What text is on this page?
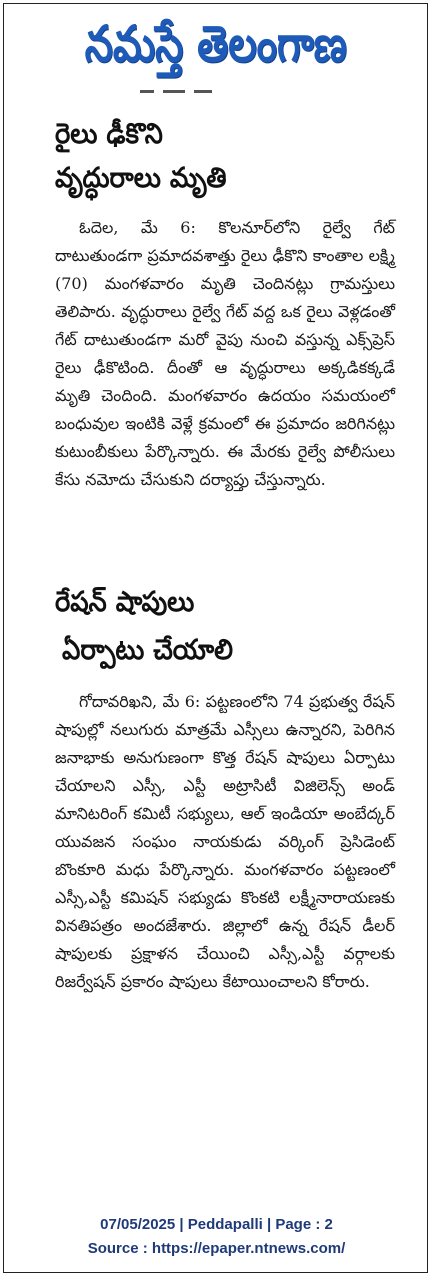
నమస్తే తెలంగాణ

రైలు ఢీకొని
వృద్ధురాలు మృతి
ఓదెల, మే 6: కొలనూర్‌లోని రైల్వే గేట్ దాటుతుండగా ప్రమాదవశాత్తు రైలు ఢీకొని కాంతాల లక్ష్మి (70) మంగళవారం మృతి చెందినట్లు గ్రామస్తులు తెలిపారు. వృద్ధురాలు రైల్వే గేట్ వద్ద ఒక రైలు వెళ్లడంతో గేట్ దాటుతుండగా మరో వైపు నుంచి వస్తున్న ఎక్స్‌ప్రెస్ రైలు ఢీకొటింది. దీంతో ఆ వృద్ధురాలు అక్కడికక్కడే మృతి చెందింది. మంగళవారం ఉదయం సమయంలో బంధువుల ఇంటికి వెళ్లే క్రమంలో ఈ ప్రమాదం జరిగినట్లు కుటుంబీకులు పేర్కొన్నారు. ఈ మేరకు రైల్వే పోలీసులు కేసు నమోదు చేసుకుని దర్యాప్తు చేస్తున్నారు.
రేషన్ షాపులు
ఏర్పాటు చేయాలి
గోదావరిఖని, మే 6: పట్టణంలోని 74 ప్రభుత్వ రేషన్ షాపుల్లో నలుగురు మాత్రమే ఎస్సీలు ఉన్నారని, పెరిగిన జనాభాకు అనుగుణంగా కొత్త రేషన్ షాపులు ఏర్పాటు చేయాలని ఎస్సీ, ఎస్టీ అట్రాసిటీ విజిలెన్స్ అండ్ మానిటరింగ్ కమిటీ సభ్యులు, ఆల్ ఇండియా అంబేద్కర్ యువజన సంఘం నాయకుడు వర్కింగ్ ప్రెసిడెంట్ బొంకూరి మధు పేర్కొన్నారు. మంగళవారం పట్టణంలో ఎస్సీ,ఎస్టీ కమిషన్ సభ్యుడు కొంకటి లక్ష్మీనారాయణకు వినతిపత్రం అందజేశారు. జిల్లాలో ఉన్న రేషన్ డీలర్ షాపులకు ప్రక్షాళన చేయించి ఎస్సీ,ఎస్టీ వర్గాలకు రిజర్వేషన్ ప్రకారం షాపులు కేటాయించాలని కోరారు.
07/05/2025 | Peddapalli | Page : 2
Source : https://epaper.ntnews.com/
